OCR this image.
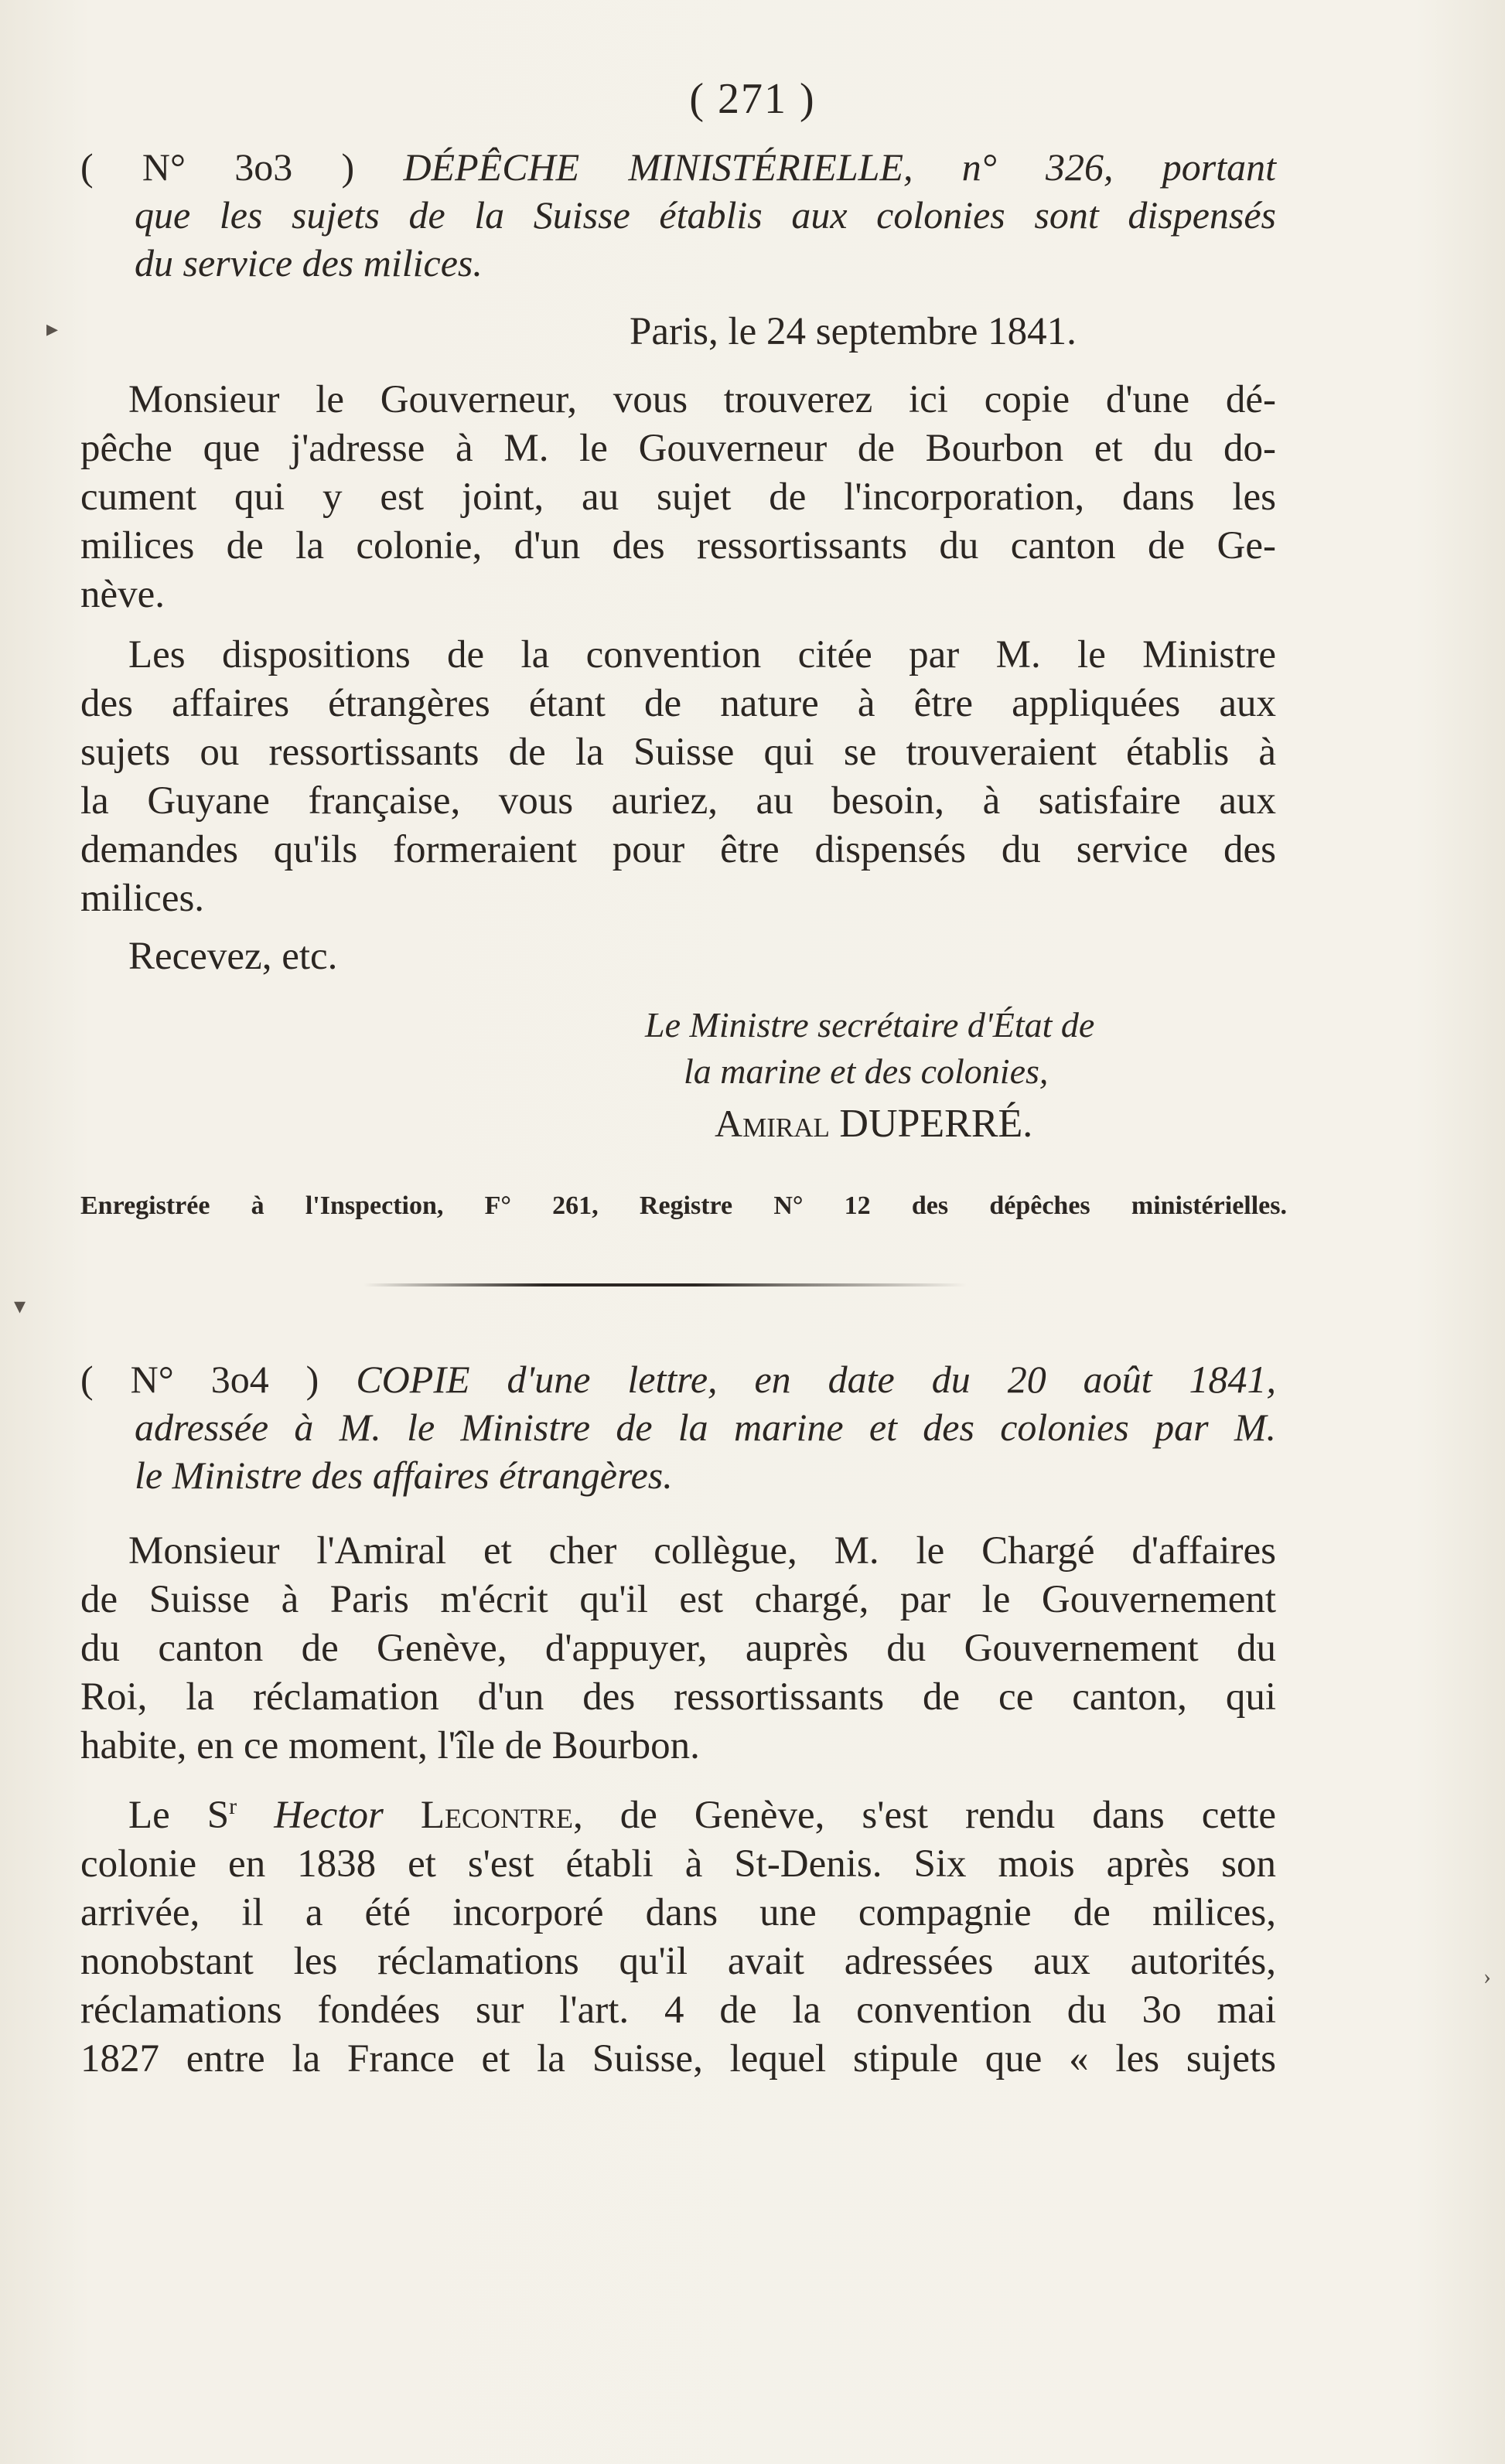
( 271 )
( N° 3o3 ) DÉPÊCHE MINISTÉRIELLE, n° 326, portant
que les sujets de la Suisse établis aux colonies sont dispensés
du service des milices.
Paris, le 24 septembre 1841.
Monsieur le Gouverneur, vous trouverez ici copie d'une dé-
pêche que j'adresse à M. le Gouverneur de Bourbon et du do-
cument qui y est joint, au sujet de l'incorporation, dans les
milices de la colonie, d'un des ressortissants du canton de Ge-
nève.
Les dispositions de la convention citée par M. le Ministre
des affaires étrangères étant de nature à être appliquées aux
sujets ou ressortissants de la Suisse qui se trouveraient établis à
la Guyane française, vous auriez, au besoin, à satisfaire aux
demandes qu'ils formeraient pour être dispensés du service des
milices.
Recevez, etc.
Le Ministre secrétaire d'État de
la marine et des colonies,
Amiral DUPERRÉ.
Enregistrée à l'Inspection, F° 261, Registre N° 12 des dépêches ministérielles.
( N° 3o4 ) COPIE d'une lettre, en date du 20 août 1841,
adressée à M. le Ministre de la marine et des colonies par M.
le Ministre des affaires étrangères.
Monsieur l'Amiral et cher collègue, M. le Chargé d'affaires
de Suisse à Paris m'écrit qu'il est chargé, par le Gouvernement
du canton de Genève, d'appuyer, auprès du Gouvernement du
Roi, la réclamation d'un des ressortissants de ce canton, qui
habite, en ce moment, l'île de Bourbon.
Le $S^r$ Hector Lecontre, de Genève, s'est rendu dans cette
colonie en 1838 et s'est établi à St-Denis. Six mois après son
arrivée, il a été incorporé dans une compagnie de milices,
nonobstant les réclamations qu'il avait adressées aux autorités,
réclamations fondées sur l'art. 4 de la convention du 3o mai
1827 entre la France et la Suisse, lequel stipule que « les sujets
▸
▾
›
